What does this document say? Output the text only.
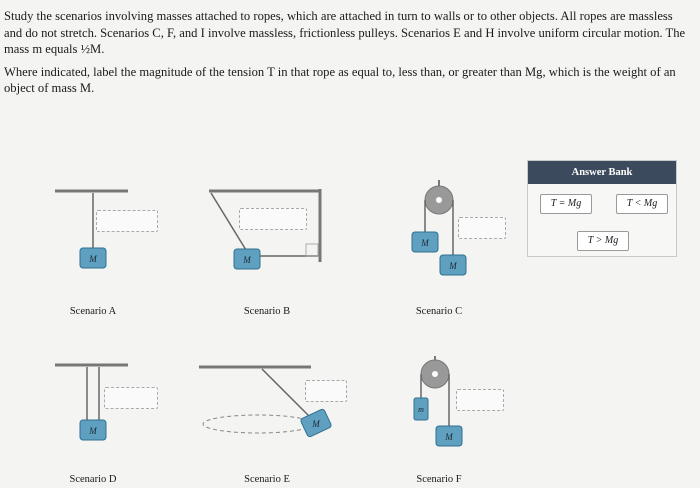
Study the scenarios involving masses attached to ropes, which are attached in turn to walls or to other objects. All ropes are massless and do not stretch. Scenarios C, F, and I involve massless, frictionless pulleys. Scenarios E and H involve uniform circular motion. The mass m equals ½M.

Where indicated, label the magnitude of the tension T in that rope as equal to, less than, or greater than Mg, which is the weight of an object of mass M.

M	M
M
M
M
M
m
M
Scenario A	Scenario B	Scenario C
Scenario D	Scenario E	Scenario F
Answer Bank
T = Mg	T < Mg
T > Mg
